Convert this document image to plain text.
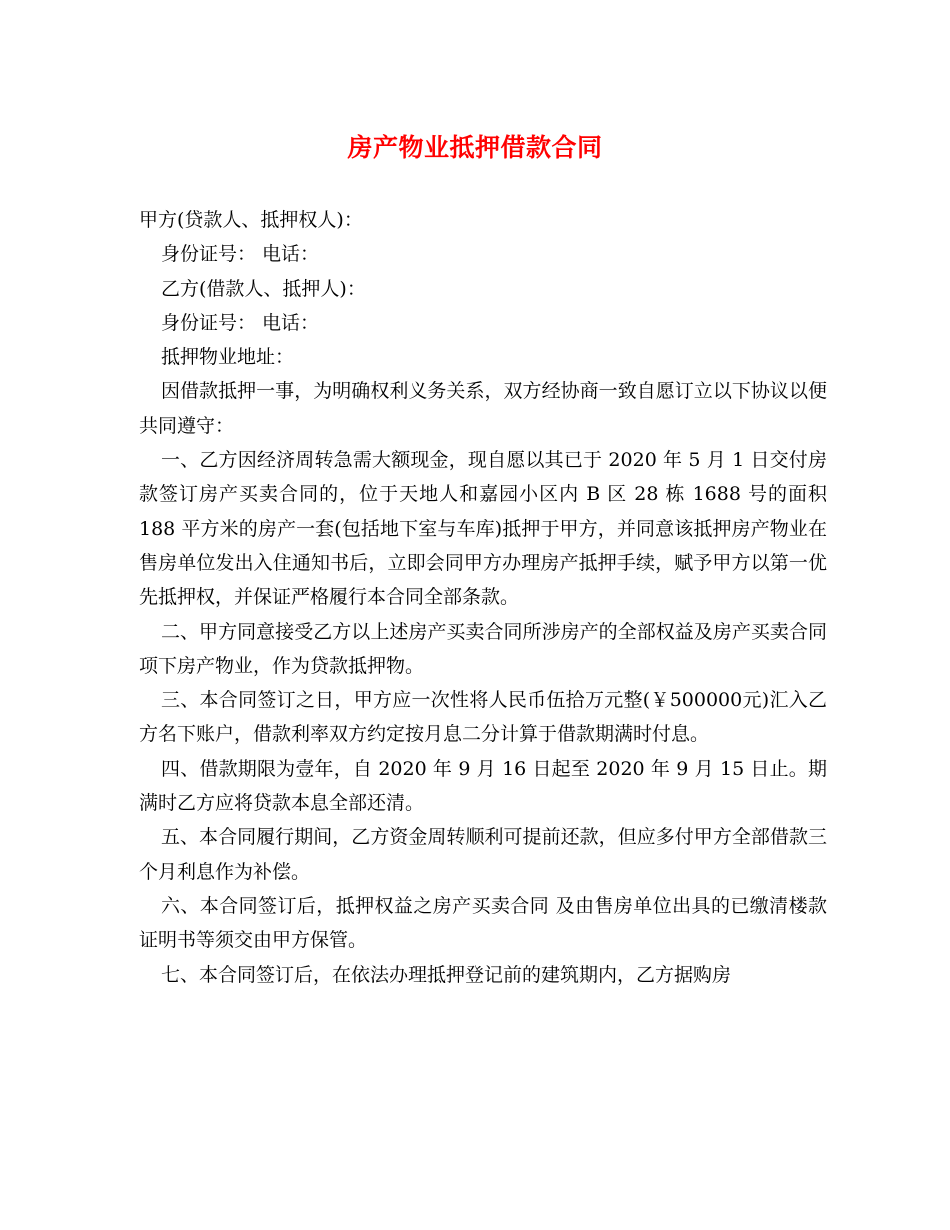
房产物业抵押借款合同
甲方(贷款人、抵押权人)：
身份证号： 电话：
乙方(借款人、抵押人)：
身份证号： 电话：
抵押物业地址：
因借款抵押一事，为明确权利义务关系，双方经协商一致自愿订立以下协议以便共同遵守：
一、乙方因经济周转急需大额现金，现自愿以其已于 2020 年 5 月 1 日交付房款签订房产买卖合同的，位于天地人和嘉园小区内 B 区 28 栋 1688 号的面积 188 平方米的房产一套(包括地下室与车库)抵押于甲方，并同意该抵押房产物业在售房单位发出入住通知书后，立即会同甲方办理房产抵押手续，赋予甲方以第一优先抵押权，并保证严格履行本合同全部条款。
二、甲方同意接受乙方以上述房产买卖合同所涉房产的全部权益及房产买卖合同项下房产物业，作为贷款抵押物。
三、本合同签订之日，甲方应一次性将人民币伍拾万元整(￥500000元)汇入乙方名下账户，借款利率双方约定按月息二分计算于借款期满时付息。
四、借款期限为壹年，自 2020 年 9 月 16 日起至 2020 年 9 月 15 日止。期满时乙方应将贷款本息全部还清。
五、本合同履行期间，乙方资金周转顺利可提前还款，但应多付甲方全部借款三个月利息作为补偿。
六、本合同签订后，抵押权益之房产买卖合同 及由售房单位出具的已缴清楼款证明书等须交由甲方保管。
七、本合同签订后，在依法办理抵押登记前的建筑期内，乙方据购房
